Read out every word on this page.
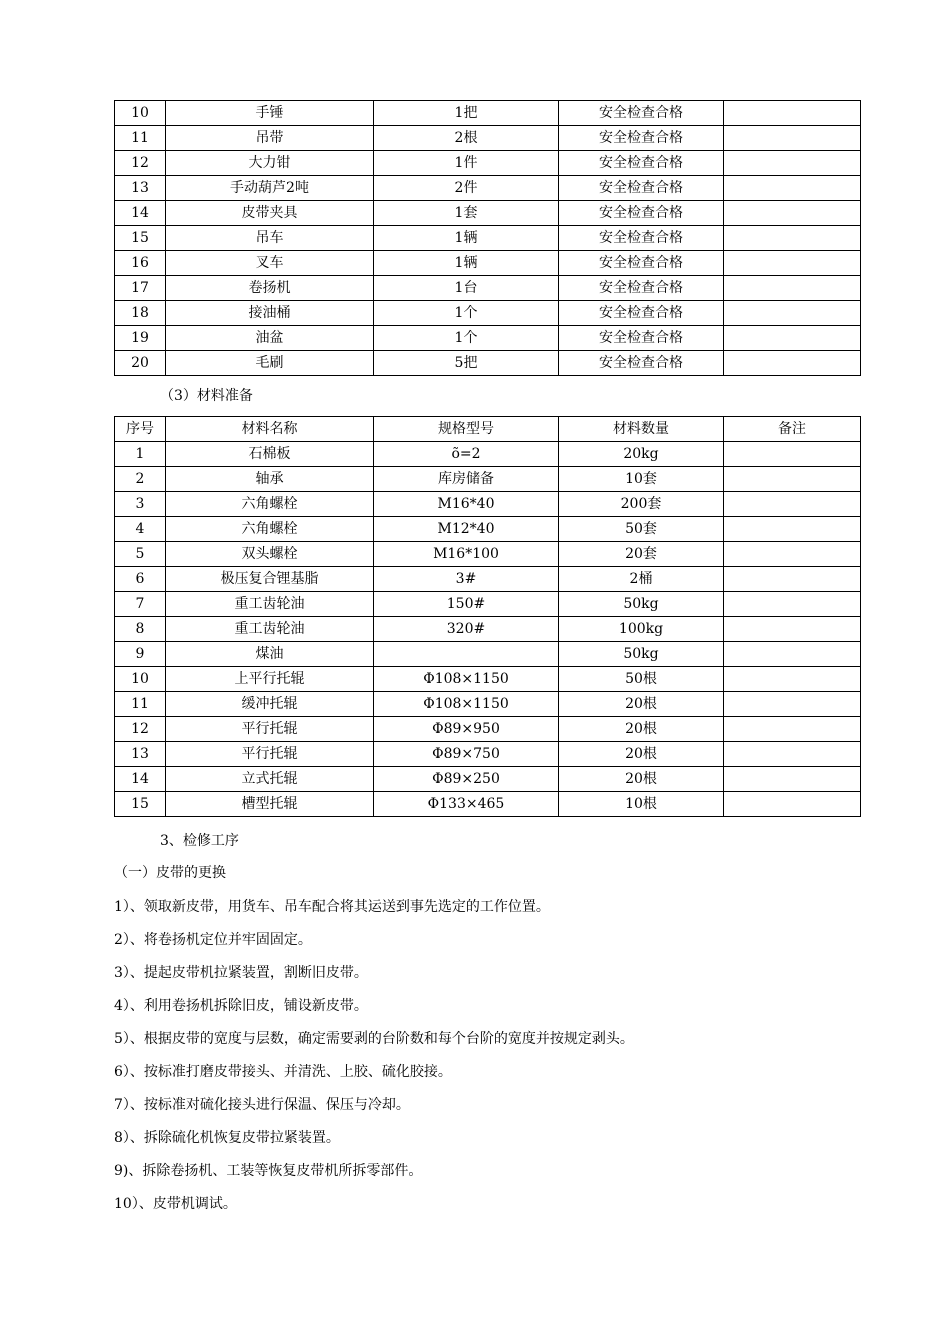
10	手锤	1把	安全检查合格	
11	吊带	2根	安全检查合格	
12	大力钳	1件	安全检查合格	
13	手动葫芦2吨	2件	安全检查合格	
14	皮带夹具	1套	安全检查合格	
15	吊车	1辆	安全检查合格	
16	叉车	1辆	安全检查合格	
17	卷扬机	1台	安全检查合格	
18	接油桶	1个	安全检查合格	
19	油盆	1个	安全检查合格	
20	毛刷	5把	安全检查合格	
（3）材料准备
序号	材料名称	规格型号	材料数量	备注
1	石棉板	õ=2	20kg	
2	轴承	库房储备	10套	
3	六角螺栓	M16*40	200套	
4	六角螺栓	M12*40	50套	
5	双头螺栓	M16*100	20套	
6	极压复合锂基脂	3#	2桶	
7	重工齿轮油	150#	50kg	
8	重工齿轮油	320#	100kg	
9	煤油		50kg	
10	上平行托辊	Φ108×1150	50根	
11	缓冲托辊	Φ108×1150	20根	
12	平行托辊	Φ89×950	20根	
13	平行托辊	Φ89×750	20根	
14	立式托辊	Φ89×250	20根	
15	槽型托辊	Φ133×465	10根	
3、检修工序
（一）皮带的更换
1）、领取新皮带，用货车、吊车配合将其运送到事先选定的工作位置。
2）、将卷扬机定位并牢固固定。
3）、提起皮带机拉紧装置，割断旧皮带。
4）、利用卷扬机拆除旧皮，铺设新皮带。
5）、根据皮带的宽度与层数，确定需要剥的台阶数和每个台阶的宽度并按规定剥头。
6）、按标准打磨皮带接头、并清洗、上胶、硫化胶接。
7）、按标准对硫化接头进行保温、保压与冷却。
8）、拆除硫化机恢复皮带拉紧装置。
9)、拆除卷扬机、工装等恢复皮带机所拆零部件。
10）、皮带机调试。
